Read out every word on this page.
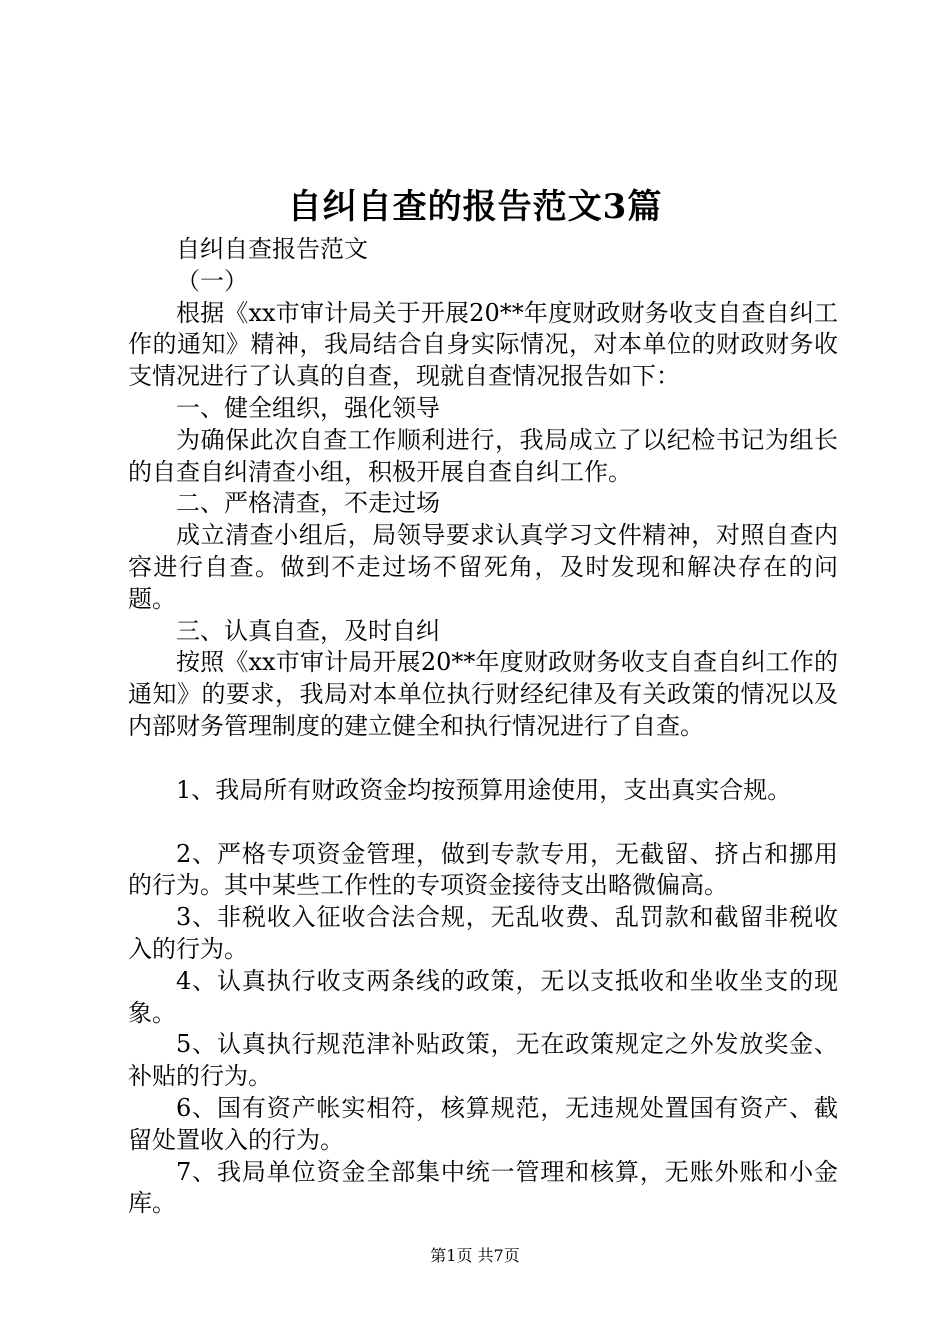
自纠自查的报告范文3篇

自纠自查报告范文

（一）

根据《xx市审计局关于开展20**年度财政财务收支自查自纠工作的通知》精神，我局结合自身实际情况，对本单位的财政财务收支情况进行了认真的自查，现就自查情况报告如下：

一、健全组织，强化领导

为确保此次自查工作顺利进行，我局成立了以纪检书记为组长的自查自纠清查小组，积极开展自查自纠工作。

二、严格清查，不走过场

成立清查小组后，局领导要求认真学习文件精神，对照自查内容进行自查。做到不走过场不留死角，及时发现和解决存在的问题。

三、认真自查，及时自纠

按照《xx市审计局开展20**年度财政财务收支自查自纠工作的通知》的要求，我局对本单位执行财经纪律及有关政策的情况以及内部财务管理制度的建立健全和执行情况进行了自查。

1、我局所有财政资金均按预算用途使用，支出真实合规。

2、严格专项资金管理，做到专款专用，无截留、挤占和挪用的行为。其中某些工作性的专项资金接待支出略微偏高。

3、非税收入征收合法合规，无乱收费、乱罚款和截留非税收入的行为。

4、认真执行收支两条线的政策，无以支抵收和坐收坐支的现象。

5、认真执行规范津补贴政策，无在政策规定之外发放奖金、补贴的行为。

6、国有资产帐实相符，核算规范，无违规处置国有资产、截留处置收入的行为。

7、我局单位资金全部集中统一管理和核算，无账外账和小金库。

第1页 共7页
